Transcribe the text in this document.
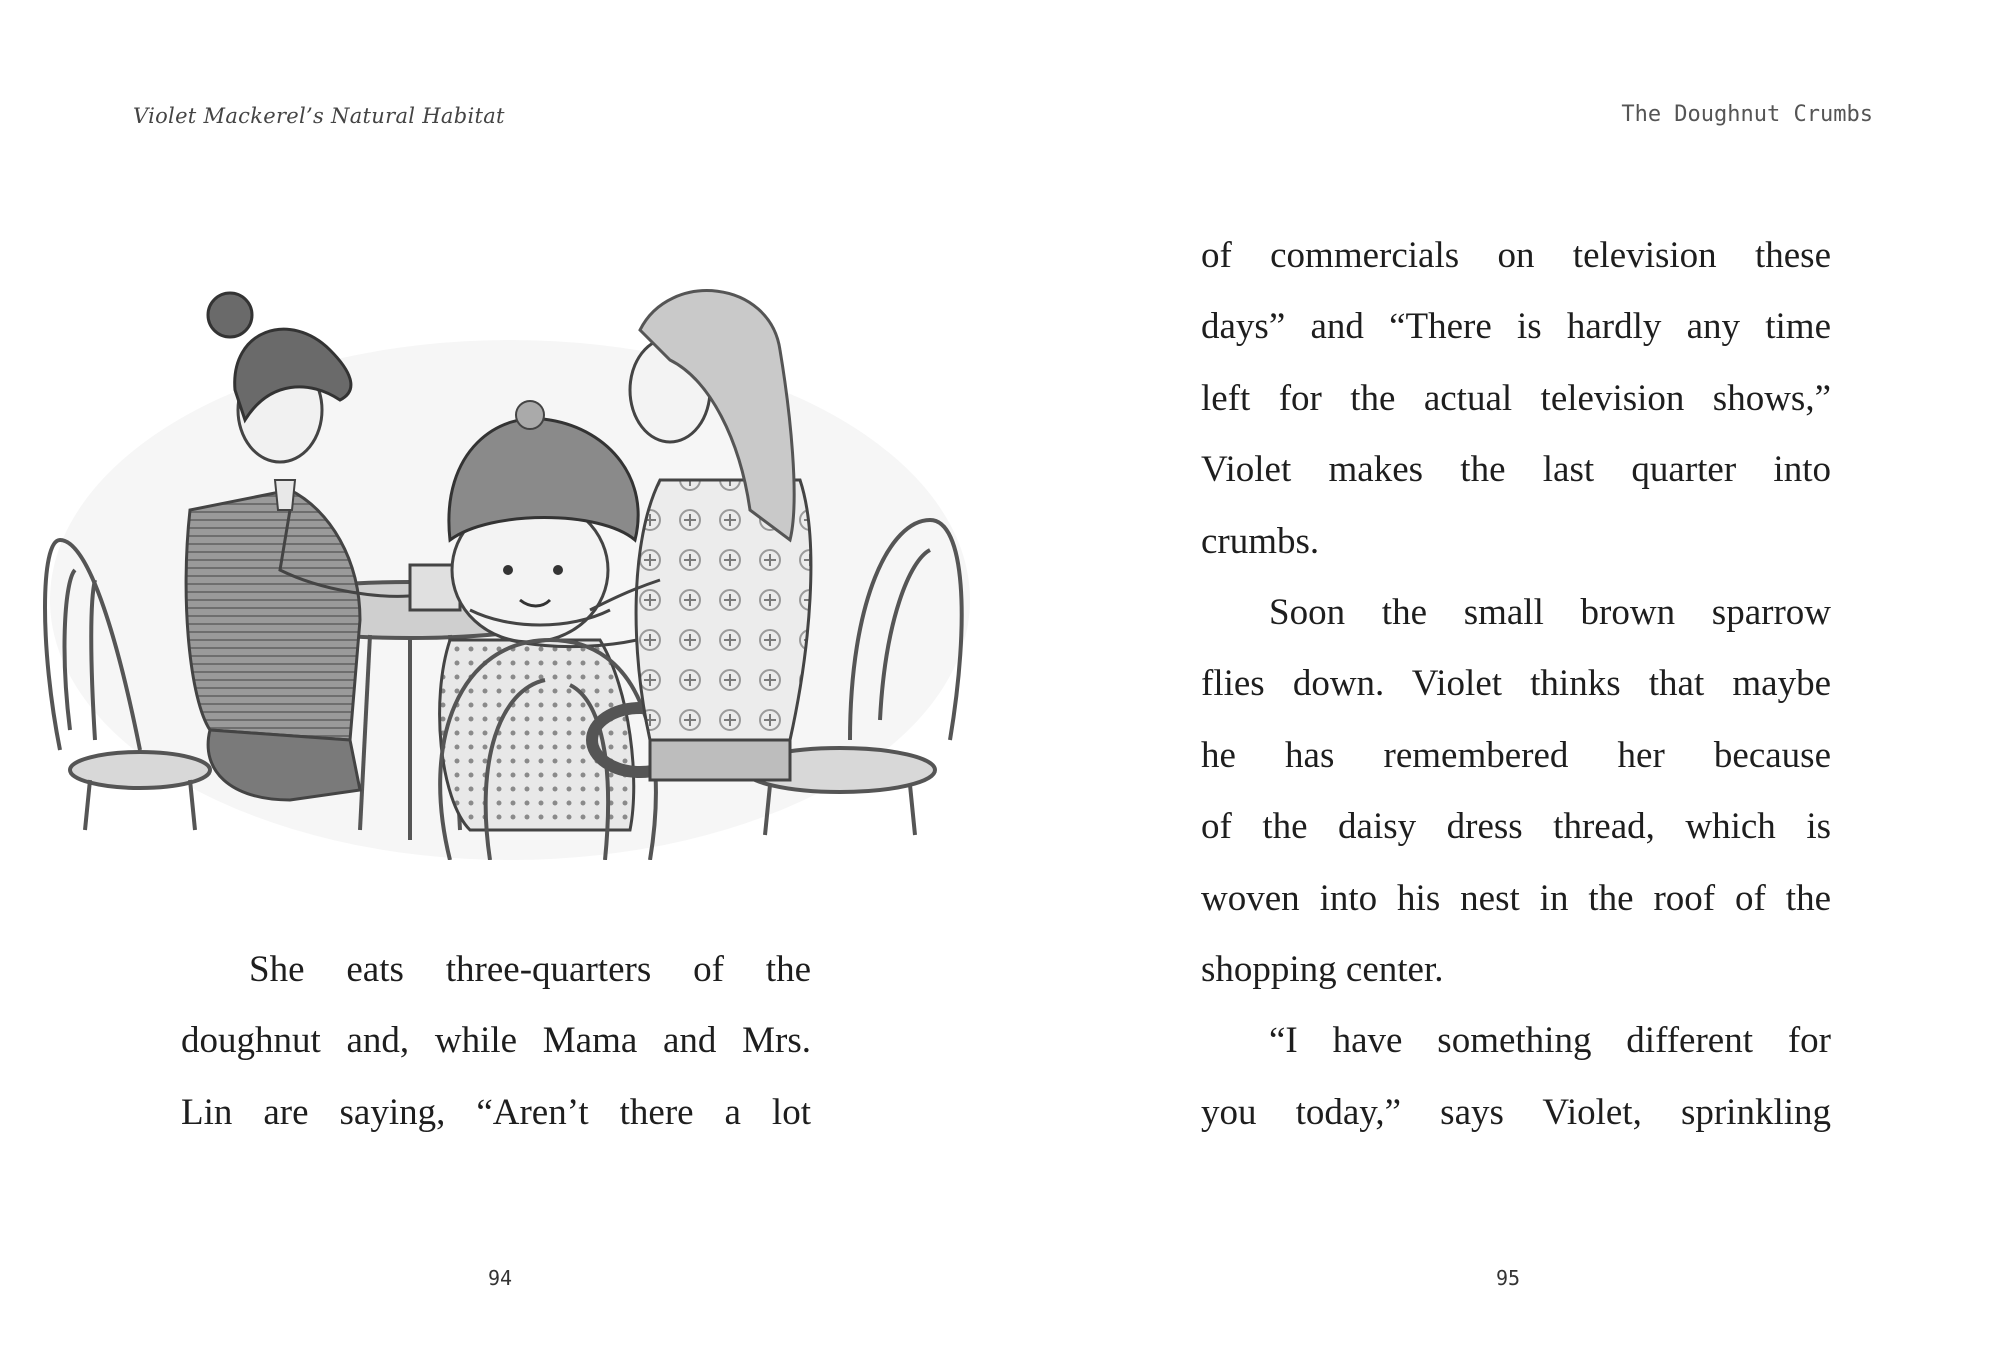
Violet Mackerel’s Natural Habitat
She eats three-quarters of the
doughnut and, while Mama and Mrs.
Lin are saying, “Aren’t there a lot
94
The Doughnut Crumbs
of commercials on television these
days” and “There is hardly any time
left for the actual television shows,”
Violet makes the last quarter into
crumbs.
Soon the small brown sparrow
flies down. Violet thinks that maybe
he has remembered her because
of the daisy dress thread, which is
woven into his nest in the roof of the
shopping center.
“I have something different for
you today,” says Violet, sprinkling
95
